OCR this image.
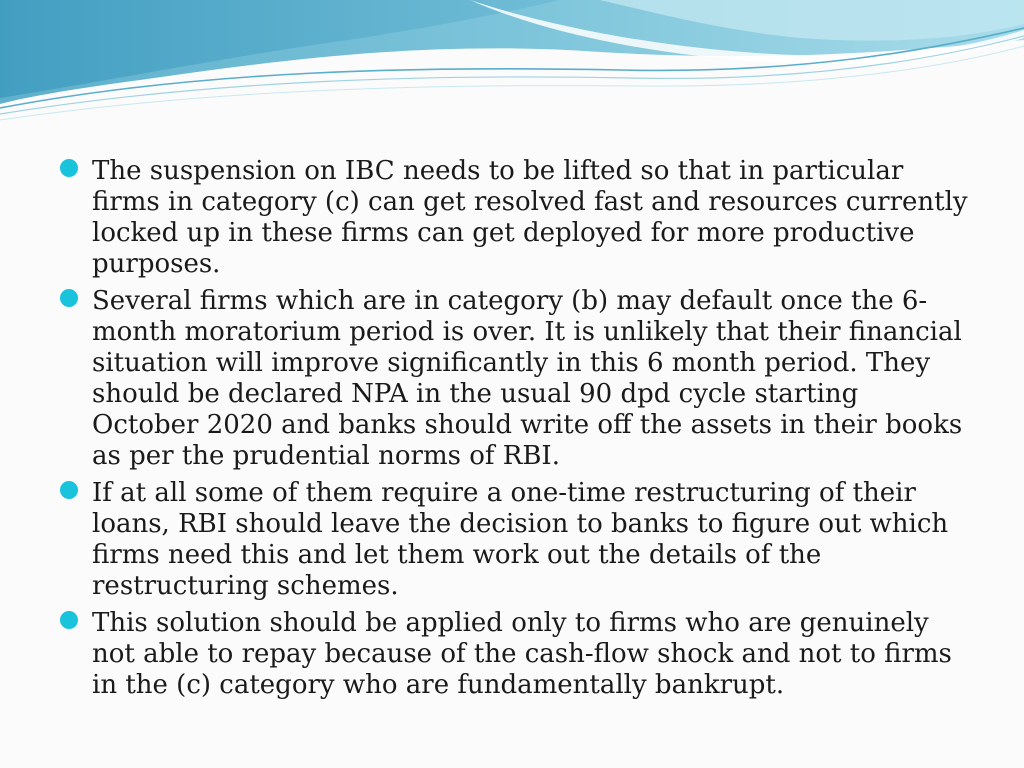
The suspension on IBC needs to be lifted so that in particular firms in category (c) can get resolved fast and resources currently locked up in these firms can get deployed for more productive purposes.
Several firms which are in category (b) may default once the 6-month moratorium period is over. It is unlikely that their financial situation will improve significantly in this 6 month period. They should be declared NPA in the usual 90 dpd cycle starting October 2020 and banks should write off the assets in their books as per the prudential norms of RBI.
If at all some of them require a one-time restructuring of their loans, RBI should leave the decision to banks to figure out which firms need this and let them work out the details of the restructuring schemes.
This solution should be applied only to firms who are genuinely not able to repay because of the cash-flow shock and not to firms in the (c) category who are fundamentally bankrupt.
